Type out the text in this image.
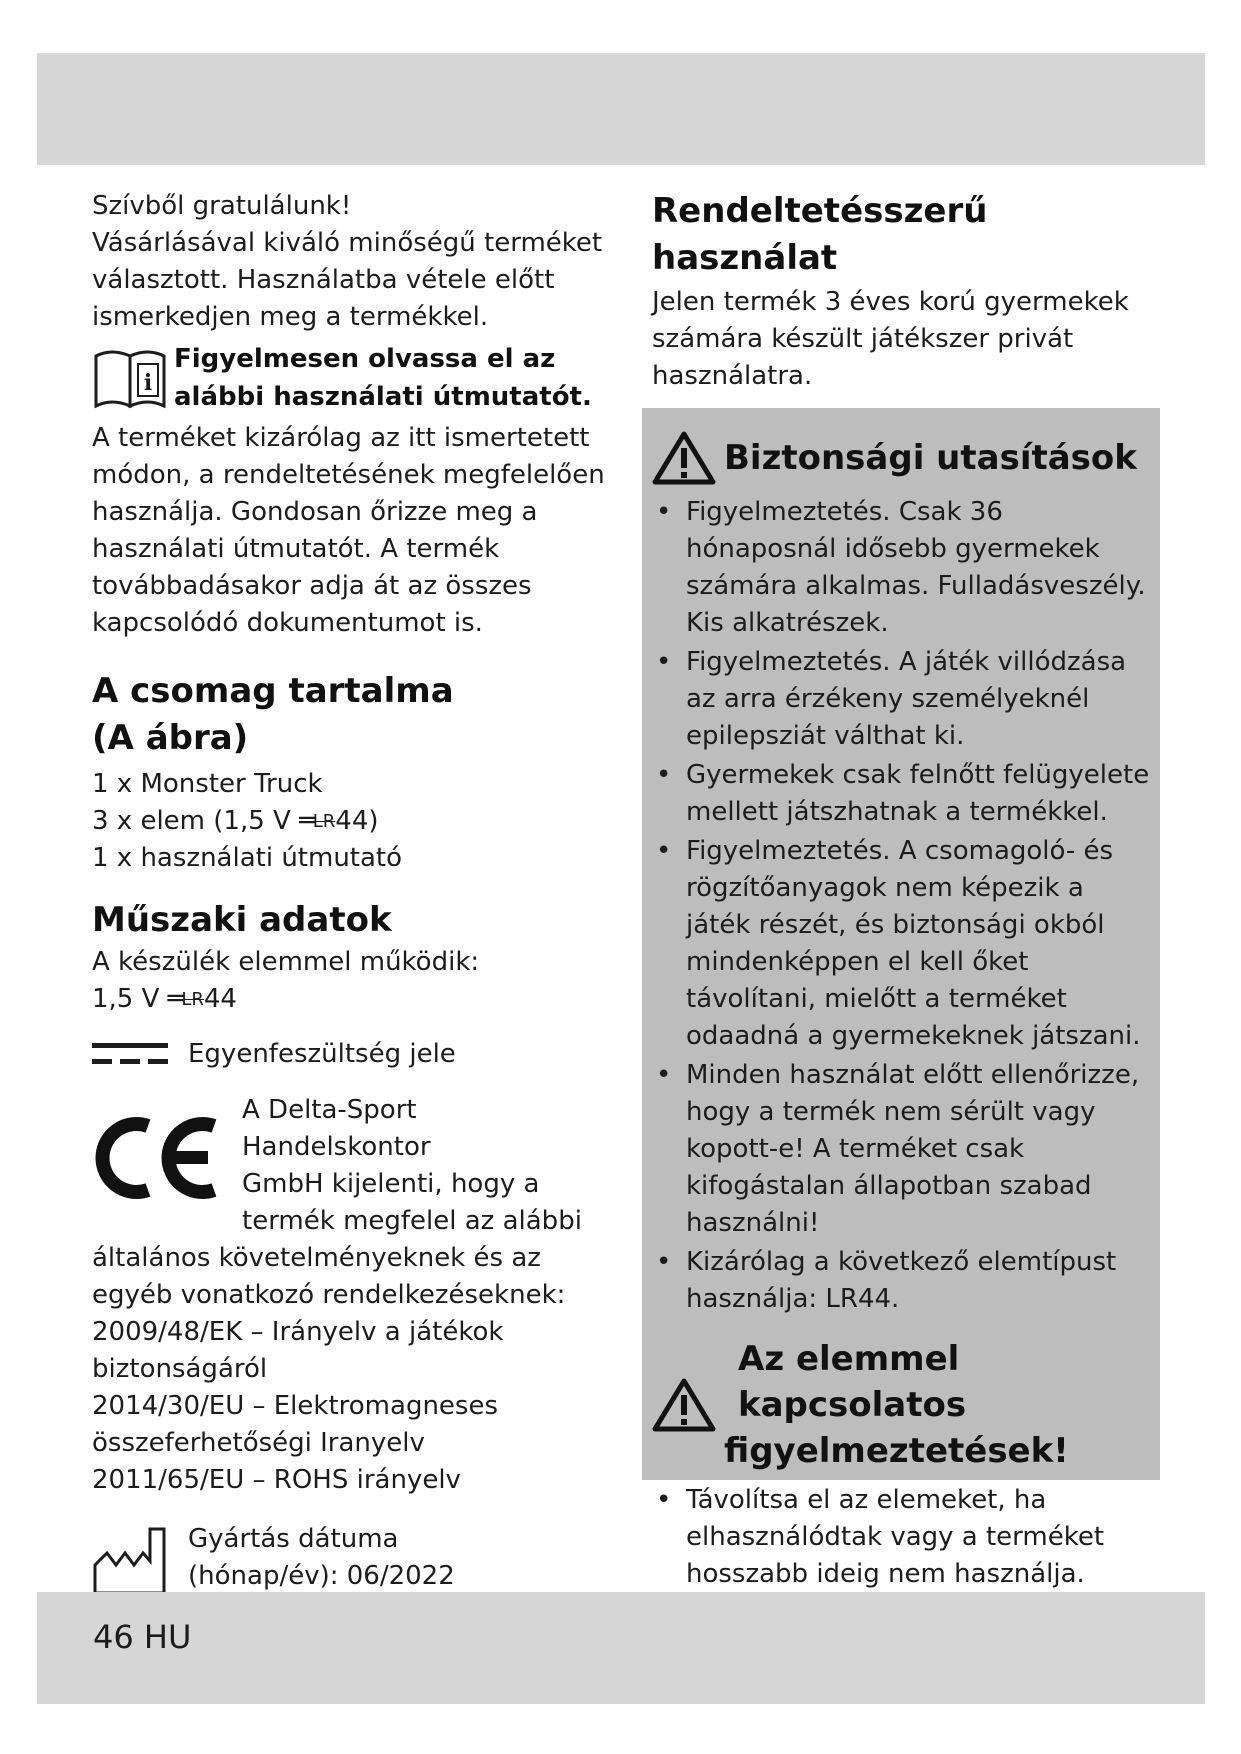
Szívből gratulálunk!

Vásárlásával kiváló minőségű terméket választott. Használatba vétele előtt ismerkedjen meg a termékkel.

i
Figyelmesen olvassa el az alábbi használati útmutatót.

A terméket kizárólag az itt ismertetett módon, a rendeltetésének megfelelően használja. Gondosan őrizze meg a használati útmutatót. A termék továbbadásakor adja át az összes kapcsolódó dokumentumot is.

A csomag tartalma
(A ábra)

1 x Monster Truck

3 x elem (1,5 V ═LR44)

1 x használati útmutató

Műszaki adatok

A készülék elemmel működik:

1,5 V ═LR44

Egyenfeszültség jele
A Delta-Sport Handelskontor
GmbH kijelenti, hogy a
termék megfelel az alábbi

általános követelményeknek és az egyéb vonatkozó rendelkezéseknek:

2009/48/EK – Irányelv a játékok biztonságáról

2014/30/EU – Elektromagneses összeferhetőségi Iranyelv

2011/65/EU – ROHS irányelv

Gyártás dátuma
(hónap/év): 06/2022
Rendeltetésszerű
használat

Jelen termék 3 éves korú gyermekek számára készült játékszer privát használatra.

Biztonsági utasítások
• Figyelmeztetés. Csak 36 hónaposnál idősebb gyermekek számára alkalmas. Fulladásveszély. Kis alkatrészek.
• Figyelmeztetés. A játék villódzása az arra érzékeny személyeknél epilepsziát válthat ki.
• Gyermekek csak felnőtt felügyelete mellett játszhatnak a termékkel.
• Figyelmeztetés. A csomagoló- és rögzítőanyagok nem képezik a játék részét, és biztonsági okból mindenképpen el kell őket távolítani, mielőtt a terméket odaadná a gyermekeknek játszani.
• Minden használat előtt ellenőrizze, hogy a termék nem sérült vagy kopott-e! A terméket csak kifogástalan állapotban szabad használni!
• Kizárólag a következő elemtípust használja: LR44.
Az elemmel kapcsolatos
figyelmeztetések!
• Távolítsa el az elemeket, ha elhasználódtak vagy a terméket hosszabb ideig nem használja.
46 HU
